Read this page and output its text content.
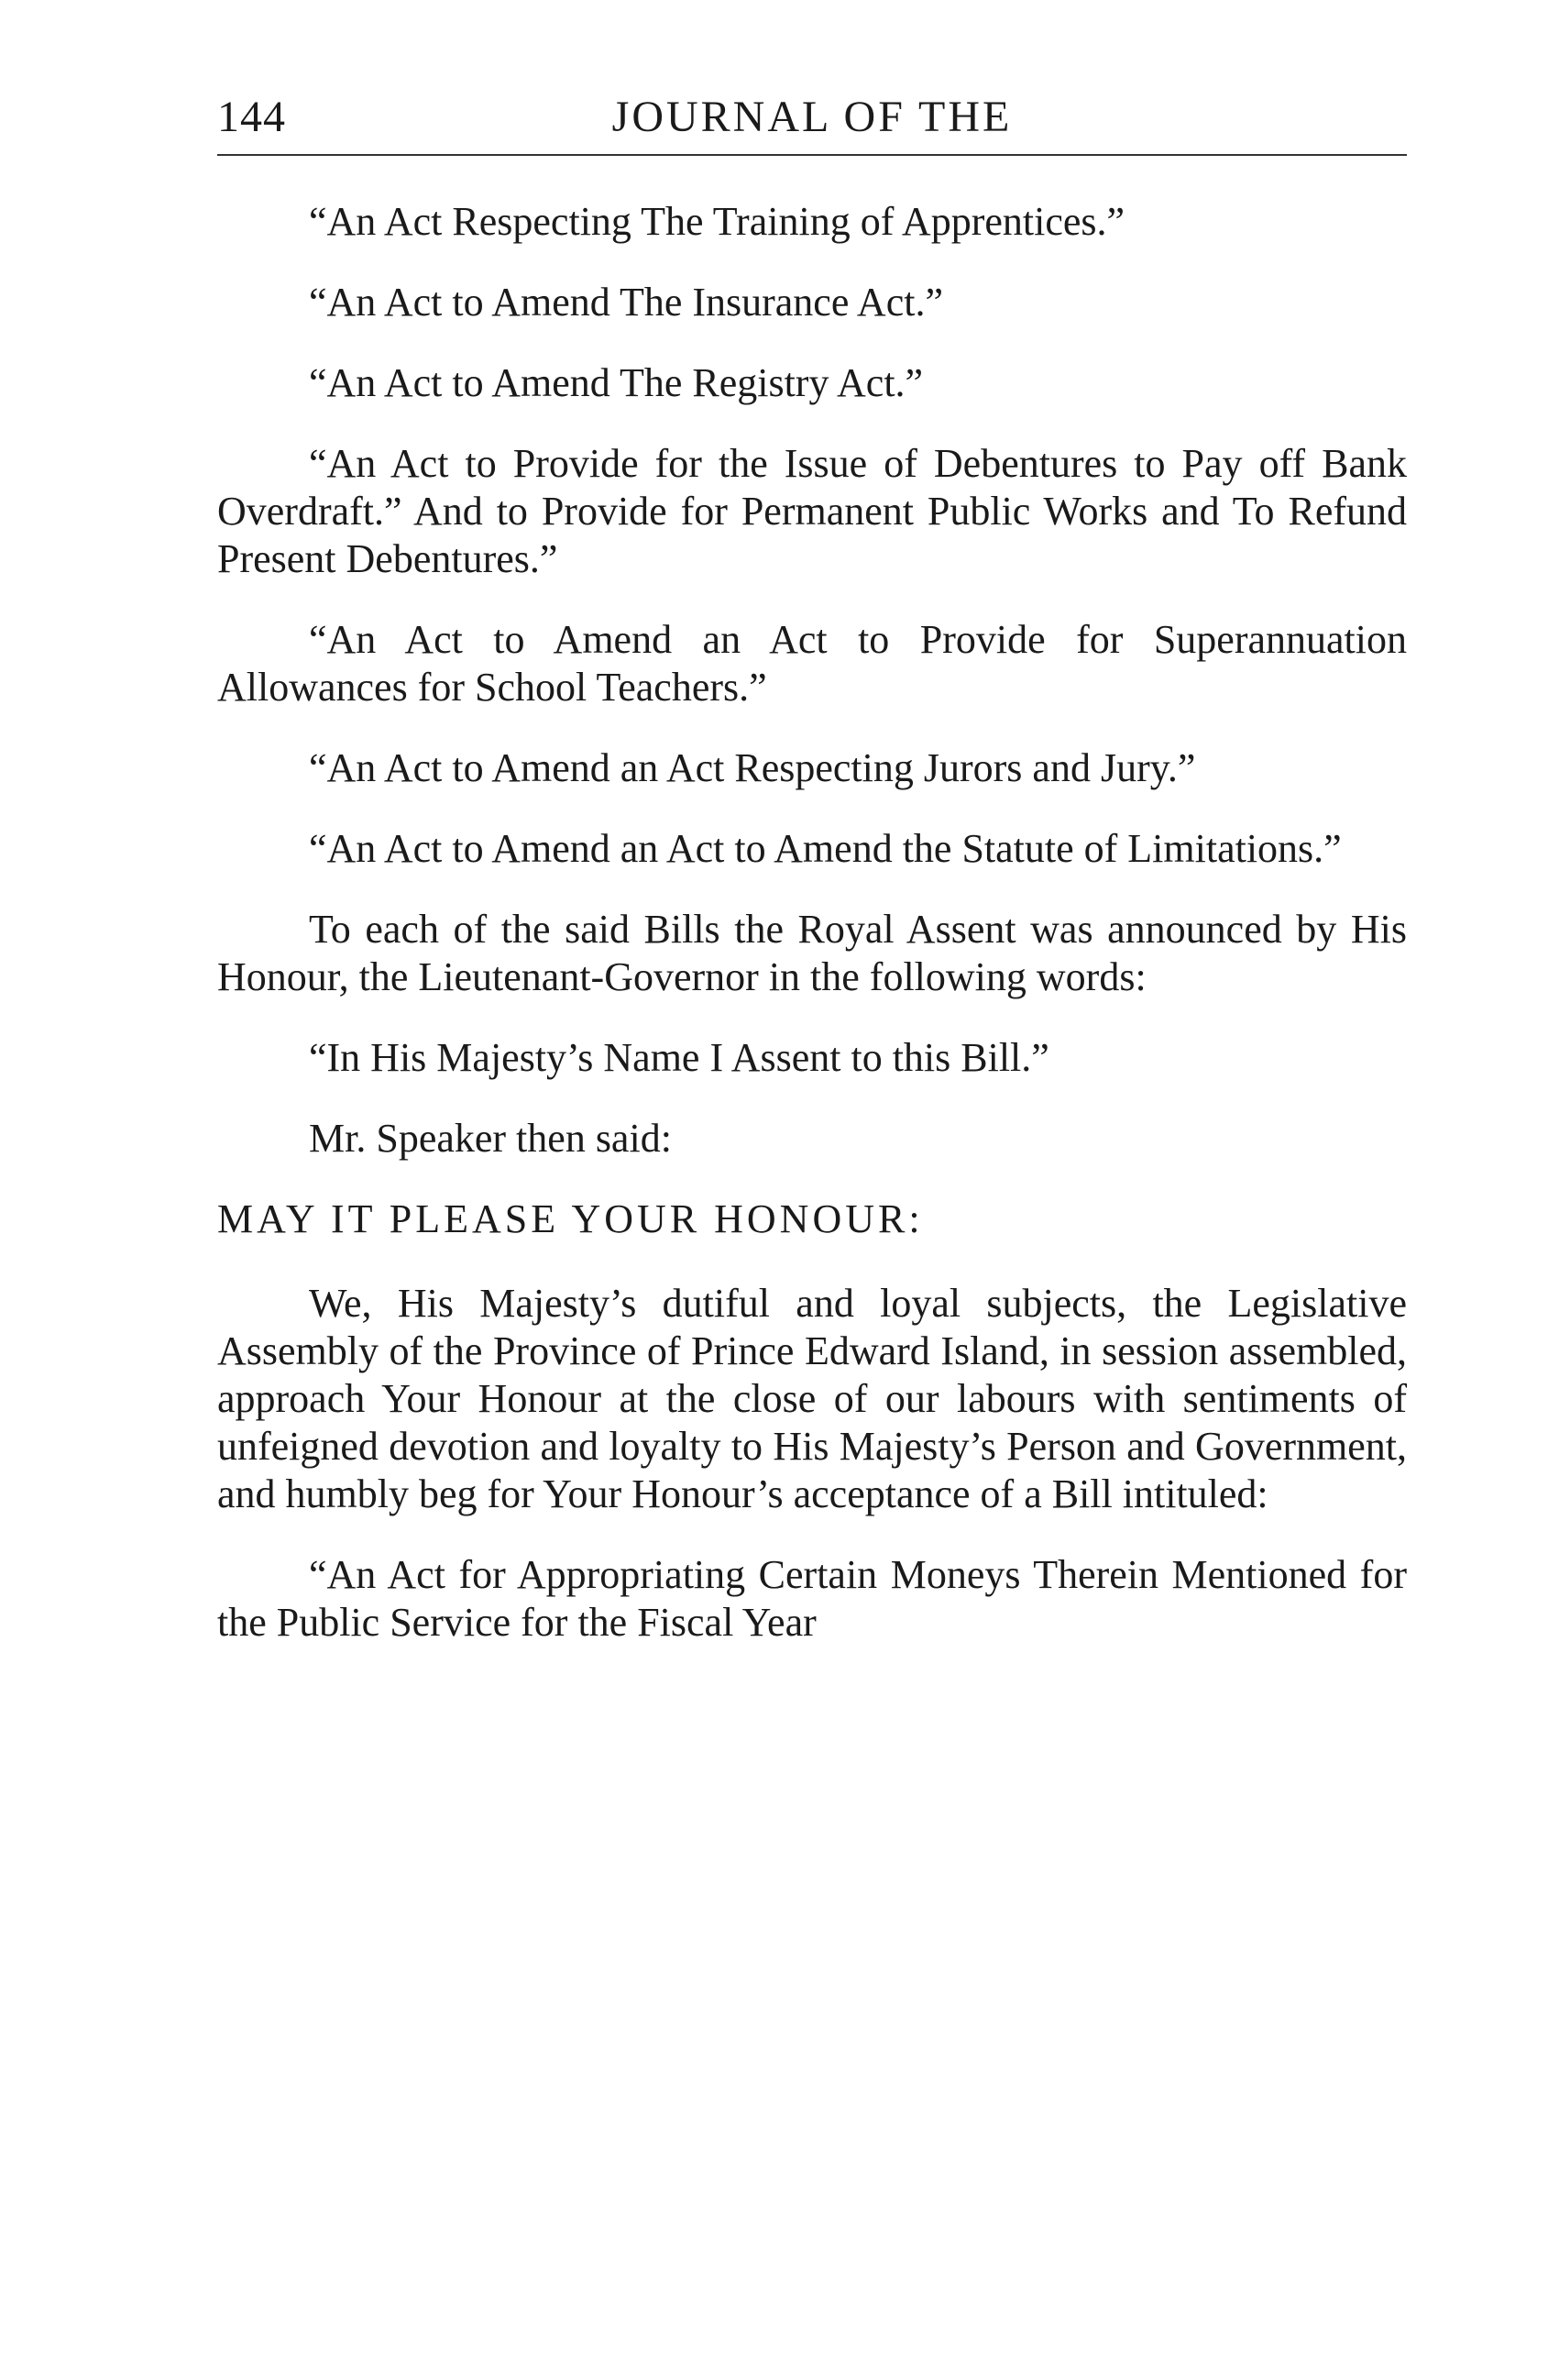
144	JOURNAL OF THE

“An Act Respecting The Training of Apprentices.”

“An Act to Amend The Insurance Act.”

“An Act to Amend The Registry Act.”

“An Act to Provide for the Issue of Debentures to Pay off Bank Overdraft.” And to Provide for Permanent Public Works and To Refund Present Debentures.”

“An Act to Amend an Act to Provide for Superannuation Allowances for School Teachers.”

“An Act to Amend an Act Respecting Jurors and Jury.”

“An Act to Amend an Act to Amend the Statute of Limitations.”

To each of the said Bills the Royal Assent was announced by His Honour, the Lieutenant-Governor in the following words:

“In His Majesty’s Name I Assent to this Bill.”

Mr. Speaker then said:

MAY IT PLEASE YOUR HONOUR:

We, His Majesty’s dutiful and loyal subjects, the Legislative Assembly of the Province of Prince Edward Island, in session assembled, approach Your Honour at the close of our labours with sentiments of unfeigned devotion and loyalty to His Majesty’s Person and Government, and humbly beg for Your Honour’s acceptance of a Bill intituled:

“An Act for Appropriating Certain Moneys Therein Mentioned for the Public Service for the Fiscal Year
